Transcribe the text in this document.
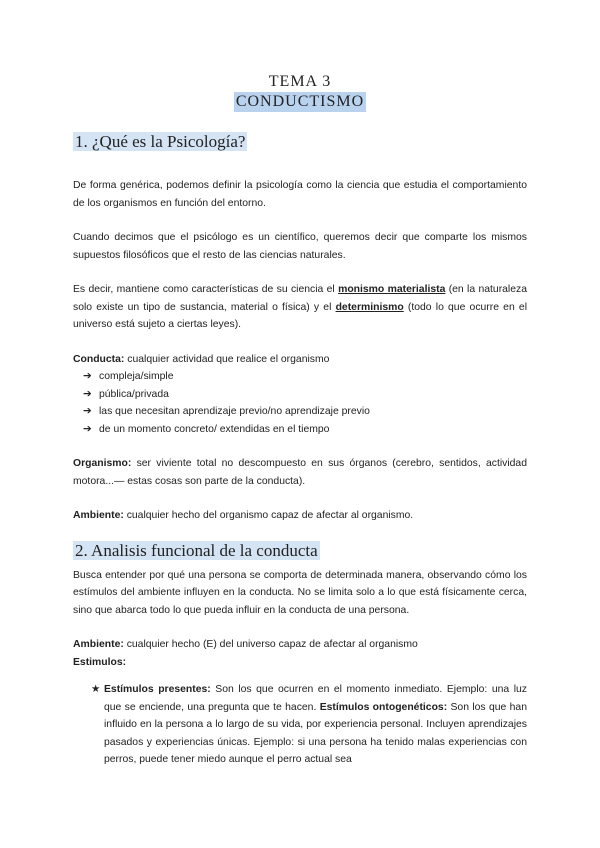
TEMA 3
CONDUCTISMO
1. ¿Qué es la Psicología?

De forma genérica, podemos definir la psicología como la ciencia que estudia el comportamiento de los organismos en función del entorno.

Cuando decimos que el psicólogo es un científico, queremos decir que comparte los mismos supuestos filosóficos que el resto de las ciencias naturales.

Es decir, mantiene como características de su ciencia el monismo materialista (en la naturaleza solo existe un tipo de sustancia, material o física) y el determinismo (todo lo que ocurre en el universo está sujeto a ciertas leyes).

Conducta: cualquier actividad que realice el organismo

➔ compleja/simple
➔ pública/privada
➔ las que necesitan aprendizaje previo/no aprendizaje previo
➔ de un momento concreto/ extendidas en el tiempo

Organismo: ser viviente total no descompuesto en sus órganos (cerebro, sentidos, actividad motora...— estas cosas son parte de la conducta).

Ambiente: cualquier hecho del organismo capaz de afectar al organismo.

2. Analisis funcional de la conducta

Busca entender por qué una persona se comporta de determinada manera, observando cómo los estímulos del ambiente influyen en la conducta. No se limita solo a lo que está físicamente cerca, sino que abarca todo lo que pueda influir en la conducta de una persona.

Ambiente: cualquier hecho (E) del universo capaz de afectar al organismo

Estimulos:

★ Estímulos presentes: Son los que ocurren en el momento inmediato. Ejemplo: una luz que se enciende, una pregunta que te hacen. Estímulos ontogenéticos: Son los que han influido en la persona a lo largo de su vida, por experiencia personal. Incluyen aprendizajes pasados y experiencias únicas. Ejemplo: si una persona ha tenido malas experiencias con perros, puede tener miedo aunque el perro actual sea
